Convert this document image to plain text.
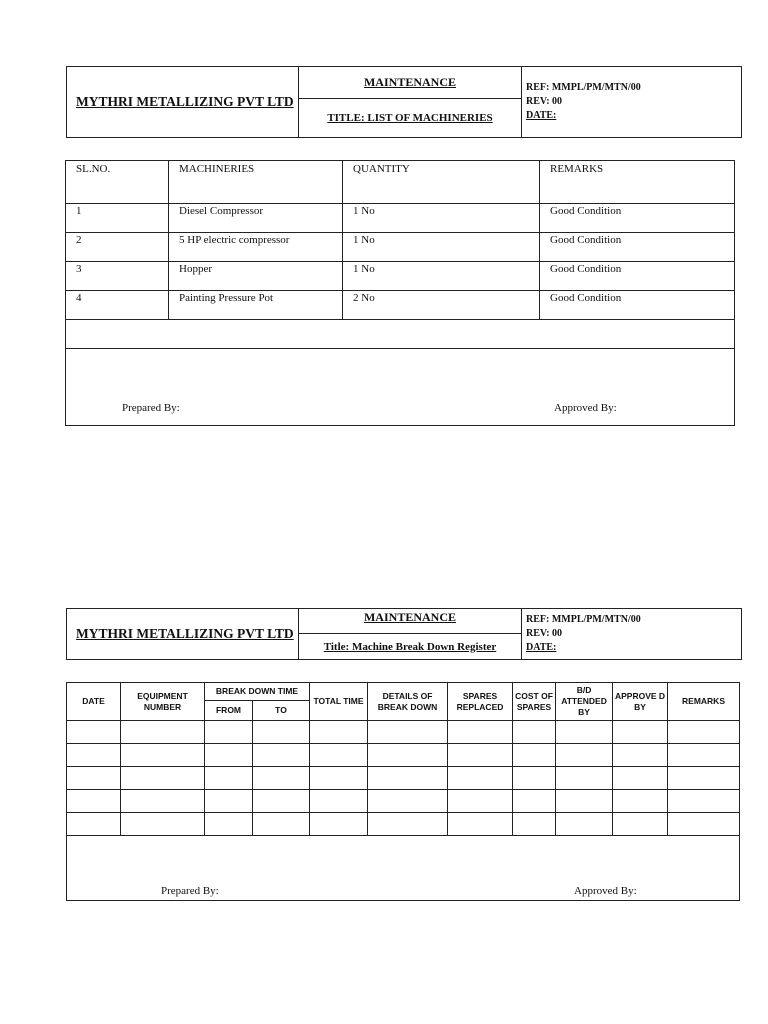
MYTHRI METALLIZING PVT LTD	MAINTENANCE	REF: MMPL/PM/MTN/00
REV: 00
DATE:

TITLE: LIST OF MACHINERIES
SL.NO.	MACHINERIES	QUANTITY	REMARKS
1	Diesel Compressor	1 No	Good Condition
2	5 HP electric compressor	1 No	Good Condition
3	Hopper	1 No	Good Condition
4	Painting Pressure Pot	2 No	Good Condition

Prepared By: Approved By:			
MYTHRI METALLIZING PVT LTD	MAINTENANCE	REF: MMPL/PM/MTN/00
REV: 00
DATE:

Title: Machine Break Down Register
DATE	EQUIPMENT NUMBER	BREAK DOWN TIME		TOTAL TIME	DETAILS OF BREAK DOWN	SPARES REPLACED	COST OF SPARES	B/D ATTENDED BY	APPROVE D BY	REMARKS
		FROM	TO							

Prepared By: Approved By:										
